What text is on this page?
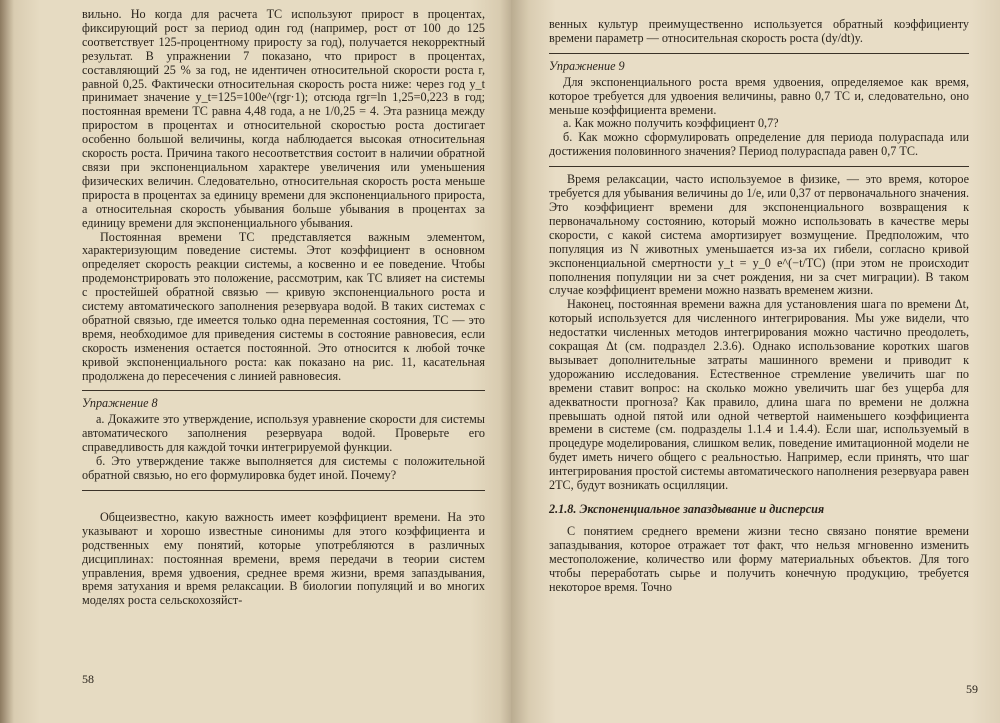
вильно. Но когда для расчета ТС используют прирост в процентах, фиксирующий рост за период один год (например, рост от 100 до 125 соответствует 125-процентному приросту за год), получается некорректный результат. В упражнении 7 показано, что прирост в процентах, составляющий 25 % за год, не идентичен относительной скорости роста r, равной 0,25. Фактически относительная скорость роста ниже: через год y_t принимает значение y_t=125=100e^(rgr·1); отсюда rgr=ln 1,25=0,223 в год; постоянная времени ТС равна 4,48 года, а не 1/0,25 = 4. Эта разница между приростом в процентах и относительной скоростью роста достигает особенно большой величины, когда наблюдается высокая относительная скорость роста. Причина такого несоответствия состоит в наличии обратной связи при экспоненциальном характере увеличения или уменьшения физических величин. Следовательно, относительная скорость роста меньше прироста в процентах за единицу времени для экспоненциального прироста, а относительная скорость убывания больше убывания в процентах за единицу времени для экспоненциального убывания.

Постоянная времени ТС представляется важным элементом, характеризующим поведение системы. Этот коэффициент в основном определяет скорость реакции системы, а косвенно и ее поведение. Чтобы продемонстрировать это положение, рассмотрим, как ТС влияет на системы с простейшей обратной связью — кривую экспоненциального роста и систему автоматического заполнения резервуара водой. В таких системах с обратной связью, где имеется только одна переменная состояния, ТС — это время, необходимое для приведения системы в состояние равновесия, если скорость изменения остается постоянной. Это относится к любой точке кривой экспоненциального роста: как показано на рис. 11, касательная продолжена до пересечения с линией равновесия.

Упражнение 8

а. Докажите это утверждение, используя уравнение скорости для системы автоматического заполнения резервуара водой. Проверьте его справедливость для каждой точки интегрируемой функции.

б. Это утверждение также выполняется для системы с положительной обратной связью, но его формулировка будет иной. Почему?

Общеизвестно, какую важность имеет коэффициент времени. На это указывают и хорошо известные синонимы для этого коэффициента и родственных ему понятий, которые употребляются в различных дисциплинах: постоянная времени, время передачи в теории систем управления, время удвоения, среднее время жизни, время запаздывания, время затухания и время релаксации. В биологии популяций и во многих моделях роста сельскохозяйст-

58

венных культур преимущественно используется обратный коэффициенту времени параметр — относительная скорость роста (dy/dt)y.

Упражнение 9

Для экспоненциального роста время удвоения, определяемое как время, которое требуется для удвоения величины, равно 0,7 ТС и, следовательно, оно меньше коэффициента времени.

а. Как можно получить коэффициент 0,7?

б. Как можно сформулировать определение для периода полураспада или достижения половинного значения? Период полураспада равен 0,7 ТС.

Время релаксации, часто используемое в физике, — это время, которое требуется для убывания величины до 1/e, или 0,37 от первоначального значения. Это коэффициент времени для экспоненциального возвращения к первоначальному состоянию, который можно использовать в качестве меры скорости, с какой система амортизирует возмущение. Предположим, что популяция из N животных уменьшается из-за их гибели, согласно кривой экспоненциальной смертности y_t = y_0 e^(−t/TC) (при этом не происходит пополнения популяции ни за счет рождения, ни за счет миграции). В таком случае коэффициент времени можно назвать временем жизни.

Наконец, постоянная времени важна для установления шага по времени Δt, который используется для численного интегрирования. Мы уже видели, что недостатки численных методов интегрирования можно частично преодолеть, сокращая Δt (см. подраздел 2.3.6). Однако использование коротких шагов вызывает дополнительные затраты машинного времени и приводит к удорожанию исследования. Естественное стремление увеличить шаг по времени ставит вопрос: на сколько можно увеличить шаг без ущерба для адекватности прогноза? Как правило, длина шага по времени не должна превышать одной пятой или одной четвертой наименьшего коэффициента времени в системе (см. подразделы 1.1.4 и 1.4.4). Если шаг, используемый в процедуре моделирования, слишком велик, поведение имитационной модели не будет иметь ничего общего с реальностью. Например, если принять, что шаг интегрирования простой системы автоматического наполнения резервуара равен 2ТС, будут возникать осцилляции.

2.1.8. Экспоненциальное запаздывание и дисперсия

С понятием среднего времени жизни тесно связано понятие времени запаздывания, которое отражает тот факт, что нельзя мгновенно изменить местоположение, количество или форму материальных объектов. Для того чтобы переработать сырье и получить конечную продукцию, требуется некоторое время. Точно

59
